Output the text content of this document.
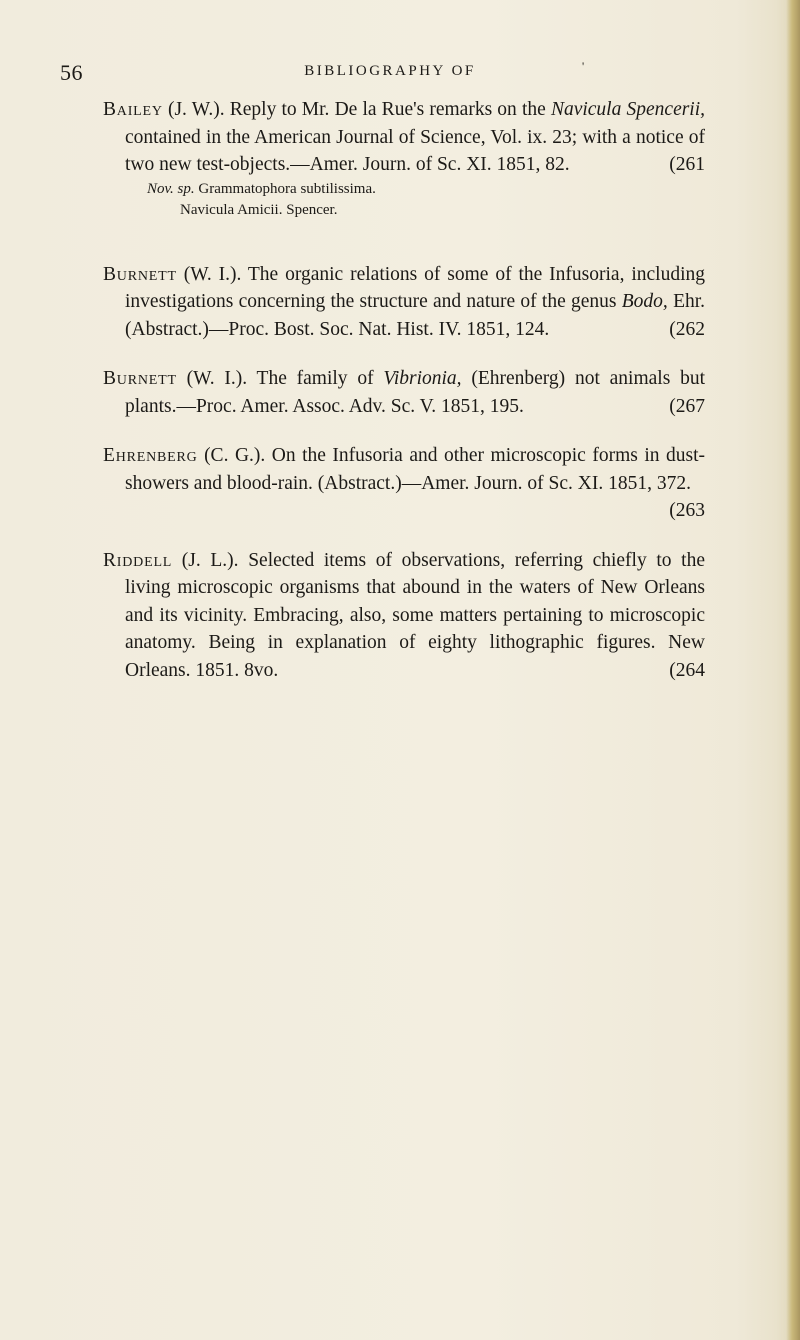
56	BIBLIOGRAPHY OF	'
Bailey (J. W.). Reply to Mr. De la Rue's remarks on the Navicula Spencerii, contained in the American Journal of Science, Vol. ix. 23; with a notice of two new test-objects.—Amer. Journ. of Sc. XI. 1851, 82.	(261
Nov. sp. Grammatophora subtilissima.
Navicula Amicii. Spencer.
Burnett (W. I.). The organic relations of some of the Infusoria, including investigations concerning the structure and nature of the genus Bodo, Ehr. (Abstract.)—Proc. Bost. Soc. Nat. Hist. IV. 1851, 124.	(262
Burnett (W. I.). The family of Vibrionia, (Ehrenberg) not animals but plants.—Proc. Amer. Assoc. Adv. Sc. V. 1851, 195.	(267
Ehrenberg (C. G.). On the Infusoria and other microscopic forms in dust-showers and blood-rain. (Abstract.)—Amer. Journ. of Sc. XI. 1851, 372.
(263
Riddell (J. L.). Selected items of observations, referring chiefly to the living microscopic organisms that abound in the waters of New Orleans and its vicinity. Embracing, also, some matters pertaining to microscopic anatomy. Being in explanation of eighty lithographic figures. New Orleans. 1851. 8vo.	(264
